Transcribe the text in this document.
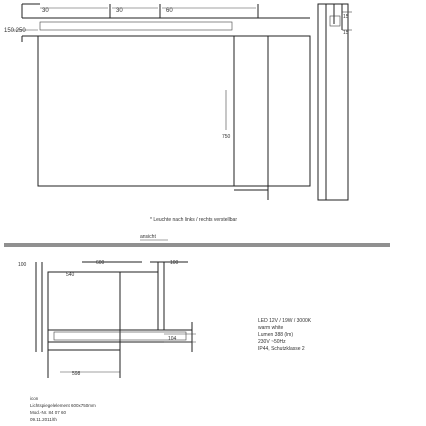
30	30	60
150.250
750
15
15
* Leuchte nach links / rechts verstellbar
ansicht
100	600	100
540
104
598
LED 12V / 19W / 3000K
warm white
Lumen 388 (lm)
230V ~50Hz
IP44, Schutzklasse 2
icon
Lichtspiegelelement 600x750mm
Mod.-Nr. 84 07 60
09.11.2011/th
